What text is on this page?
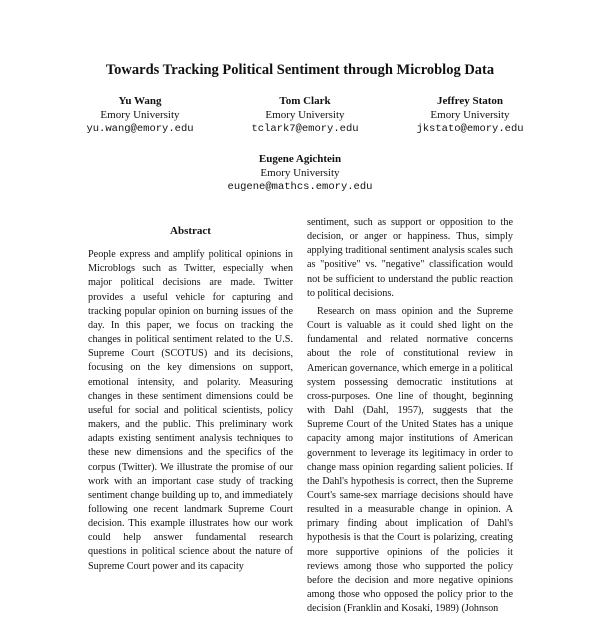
Towards Tracking Political Sentiment through Microblog Data
Yu Wang
Emory University
yu.wang@emory.edu
Tom Clark
Emory University
tclark7@emory.edu
Jeffrey Staton
Emory University
jkstato@emory.edu
Eugene Agichtein
Emory University
eugene@mathcs.emory.edu
Abstract

People express and amplify political opinions in Microblogs such as Twitter, especially when major political decisions are made. Twitter provides a useful vehicle for capturing and tracking popular opinion on burning issues of the day. In this paper, we focus on tracking the changes in political sentiment related to the U.S. Supreme Court (SCOTUS) and its decisions, focusing on the key dimensions on support, emotional intensity, and polarity. Measuring changes in these sentiment dimensions could be useful for social and political scientists, policy makers, and the public. This preliminary work adapts existing sentiment analysis techniques to these new dimensions and the specifics of the corpus (Twitter). We illustrate the promise of our work with an important case study of tracking sentiment change building up to, and immediately following one recent landmark Supreme Court decision. This example illustrates how our work could help answer fundamental research questions in political science about the nature of Supreme Court power and its capacity

sentiment, such as support or opposition to the decision, or anger or happiness. Thus, simply applying traditional sentiment analysis scales such as "positive" vs. "negative" classification would not be sufficient to understand the public reaction to political decisions.

Research on mass opinion and the Supreme Court is valuable as it could shed light on the fundamental and related normative concerns about the role of constitutional review in American governance, which emerge in a political system possessing democratic institutions at cross-purposes. One line of thought, beginning with Dahl (Dahl, 1957), suggests that the Supreme Court of the United States has a unique capacity among major institutions of American government to leverage its legitimacy in order to change mass opinion regarding salient policies. If the Dahl's hypothesis is correct, then the Supreme Court's same-sex marriage decisions should have resulted in a measurable change in opinion. A primary finding about implication of Dahl's hypothesis is that the Court is polarizing, creating more supportive opinions of the policies it reviews among those who supported the policy before the decision and more negative opinions among those who opposed the policy prior to the decision (Franklin and Kosaki, 1989) (Johnson
